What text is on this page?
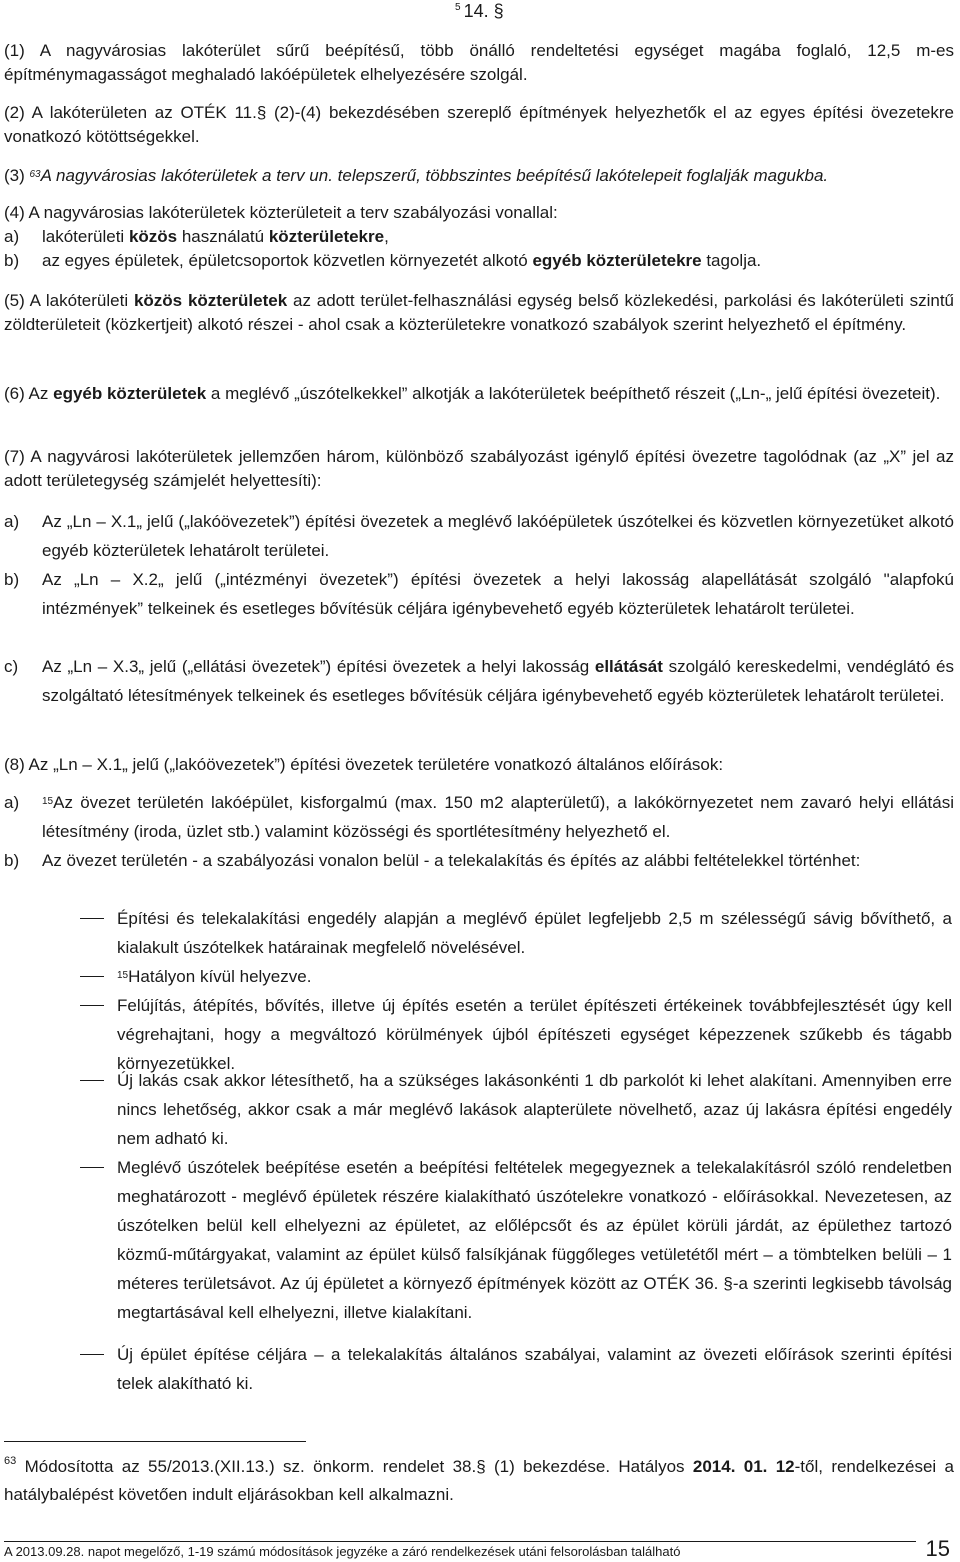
$^5$ 14. §
(1) A nagyvárosias lakóterület sűrű beépítésű, több önálló rendeltetési egységet magába foglaló, 12,5 m-es építménymagasságot meghaladó lakóépületek elhelyezésére szolgál.
(2) A lakóterületen az OTÉK 11.§ (2)-(4) bekezdésében szereplő építmények helyezhetők el az egyes építési övezetekre vonatkozó kötöttségekkel.
(3) $^{63}$A nagyvárosias lakóterületek a terv un. telepszerű, többszintes beépítésű lakótelepeit foglalják magukba.
(4) A nagyvárosias lakóterületek közterületeit a terv szabályozási vonallal:
a) lakóterületi közös használatú közterületekre,
b) az egyes épületek, épületcsoportok közvetlen környezetét alkotó egyéb közterületekre tagolja.
(5) A lakóterületi közös közterületek az adott terület-felhasználási egység belső közlekedési, parkolási és lakóterületi szintű zöldterületeit (közkertjeit) alkotó részei - ahol csak a közterületekre vonatkozó szabályok szerint helyezhető el építmény.
(6) Az egyéb közterületek a meglévő „úszótelkekkel” alkotják a lakóterületek beépíthető részeit („Ln-„ jelű építési övezeteit).
(7) A nagyvárosi lakóterületek jellemzően három, különböző szabályozást igénylő építési övezetre tagolódnak (az „X” jel az adott területegység számjelét helyettesíti):
a) Az „Ln – X.1„ jelű („lakóövezetek”) építési övezetek a meglévő lakóépületek úszótelkei és közvetlen környezetüket alkotó egyéb közterületek lehatárolt területei.
b) Az „Ln – X.2„ jelű („intézményi övezetek”) építési övezetek a helyi lakosság alapellátását szolgáló "alapfokú intézmények” telkeinek és esetleges bővítésük céljára igénybevehető egyéb közterületek lehatárolt területei.
c) Az „Ln – X.3„ jelű („ellátási övezetek”) építési övezetek a helyi lakosság ellátását szolgáló kereskedelmi, vendéglátó és szolgáltató létesítmények telkeinek és esetleges bővítésük céljára igénybevehető egyéb közterületek lehatárolt területei.
(8) Az „Ln – X.1„ jelű („lakóövezetek”) építési övezetek területére vonatkozó általános előírások:
a) $^{15}$Az övezet területén lakóépület, kisforgalmú (max. 150 m2 alapterületű), a lakókörnyezetet nem zavaró helyi ellátási létesítmény (iroda, üzlet stb.) valamint közösségi és sportlétesítmény helyezhető el.
b) Az övezet területén - a szabályozási vonalon belül - a telekalakítás és építés az alábbi feltételekkel történhet:
Építési és telekalakítási engedély alapján a meglévő épület legfeljebb 2,5 m szélességű sávig bővíthető, a kialakult úszótelkek határainak megfelelő növelésével.
$^{15}$Hatályon kívül helyezve.
Felújítás, átépítés, bővítés, illetve új építés esetén a terület építészeti értékeinek továbbfejlesztését úgy kell végrehajtani, hogy a megváltozó körülmények újból építészeti egységet képezzenek szűkebb és tágabb környezetükkel.
Új lakás csak akkor létesíthető, ha a szükséges lakásonkénti 1 db parkolót ki lehet alakítani. Amennyiben erre nincs lehetőség, akkor csak a már meglévő lakások alapterülete növelhető, azaz új lakásra építési engedély nem adható ki.
Meglévő úszótelek beépítése esetén a beépítési feltételek megegyeznek a telekalakításról szóló rendeletben meghatározott - meglévő épületek részére kialakítható úszótelekre vonatkozó - előírásokkal. Nevezetesen, az úszótelken belül kell elhelyezni az épületet, az előlépcsőt és az épület körüli járdát, az épülethez tartozó közmű-műtárgyakat, valamint az épület külső falsíkjának függőleges vetületétől mért – a tömbtelken belüli – 1 méteres területsávot. Az új épületet a környező építmények között az OTÉK 36. §-a szerinti legkisebb távolság megtartásával kell elhelyezni, illetve kialakítani.
Új épület építése céljára – a telekalakítás általános szabályai, valamint az övezeti előírások szerinti építési telek alakítható ki.
$^{63}$ Módosította az 55/2013.(XII.13.) sz. önkorm. rendelet 38.§ (1) bekezdése. Hatályos 2014. 01. 12-től, rendelkezései a hatálybalépést követően indult eljárásokban kell alkalmazni.
A 2013.09.28. napot megelőző, 1-19 számú módosítások jegyzéke a záró rendelkezések utáni felsorolásban található	15
